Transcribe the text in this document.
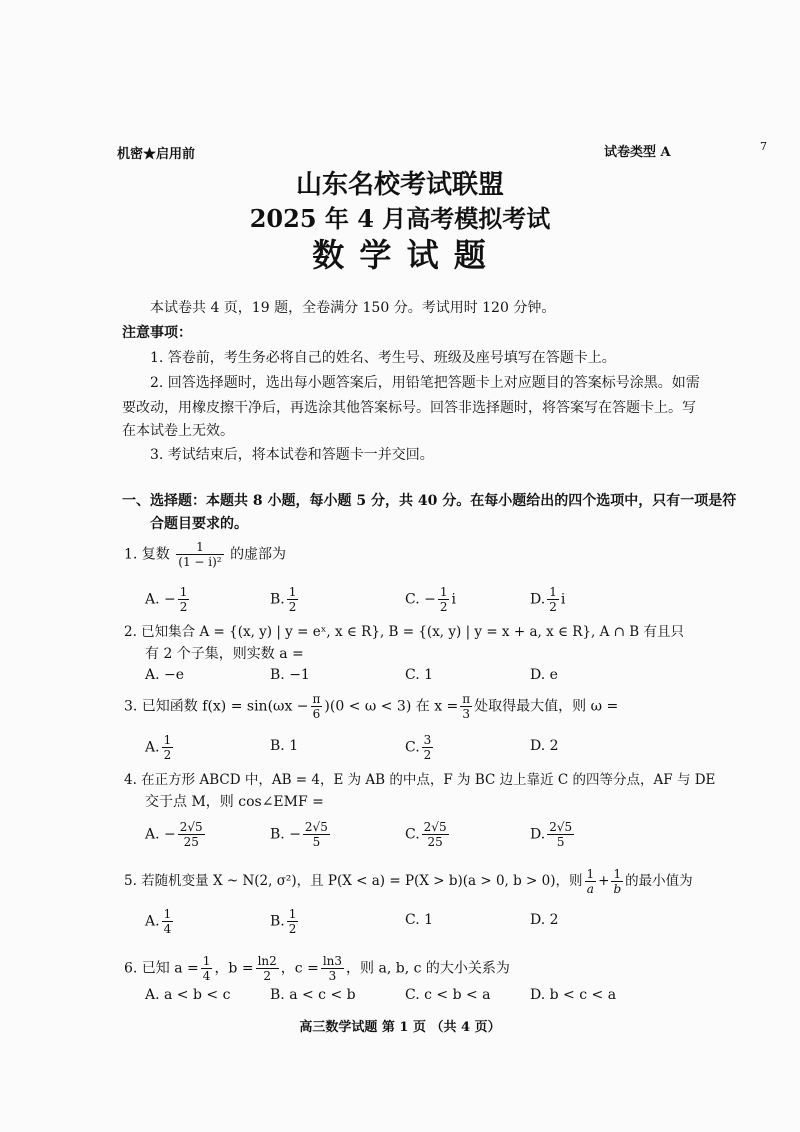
机密★启用前	试卷类型 A	7
山东名校考试联盟
2025 年 4 月高考模拟考试
数 学 试 题
本试卷共 4 页，19 题，全卷满分 150 分。考试用时 120 分钟。
注意事项：
1. 答卷前，考生务必将自己的姓名、考生号、班级及座号填写在答题卡上。
2. 回答选择题时，选出每小题答案后，用铅笔把答题卡上对应题目的答案标号涂黑。如需
要改动，用橡皮擦干净后，再选涂其他答案标号。回答非选择题时，将答案写在答题卡上。写
在本试卷上无效。
3. 考试结束后，将本试卷和答题卡一并交回。
一、选择题：本题共 8 小题，每小题 5 分，共 40 分。在每小题给出的四个选项中，只有一项是符
合题目要求的。
1. 复数 $\frac{1}{\text{(1 − i)²}}$ 的虚部为
A. − $\frac{1}{2}$	B. $\frac{1}{2}$	C. − $\frac{1}{2}$ i	D. $\frac{1}{2}$ i
2. 已知集合 A = {(x, y) | y = eˣ, x ∈ R}, B = {(x, y) | y = x + a, x ∈ R}, A ∩ B 有且只
有 2 个子集，则实数 a =
A. −e	B. −1	C. 1	D. e
3. 已知函数 $f(x) = \sin(\omega x - \frac{\pi}{6} )(0 < \omega < 3)$ 在 $x = \frac{\pi}{3}$ 处取得最大值，则 ω =
A. $\frac{1}{2}$	B. 1	C. $\frac{3}{2}$	D. 2
4. 在正方形 ABCD 中，AB = 4，E 为 AB 的中点，F 为 BC 边上靠近 C 的四等分点，AF 与 DE
交于点 M，则 cos∠EMF =
A. − $\frac{2√5}{25}$	B. − $\frac{2√5}{5}$	C. $\frac{2√5}{25}$	D. $\frac{2√5}{5}$
5. 若随机变量 X ~ N(2, σ²)，且 P(X < a) = P(X > b)(a > 0, b > 0)，则 $\frac{1}{a} + \frac{1}{b}$ 的最小值为
A. $\frac{1}{4}$	B. $\frac{1}{2}$	C. 1	D. 2
6. 已知 $a = \frac{1}{4}$ ，$b = \frac{\ln 2}{2}$ ，$c = \frac{\ln 3}{3}$ ，则 a, b, c 的大小关系为
A. a < b < c	B. a < c < b	C. c < b < a	D. b < c < a
高三数学试题 第 1 页 （共 4 页）
